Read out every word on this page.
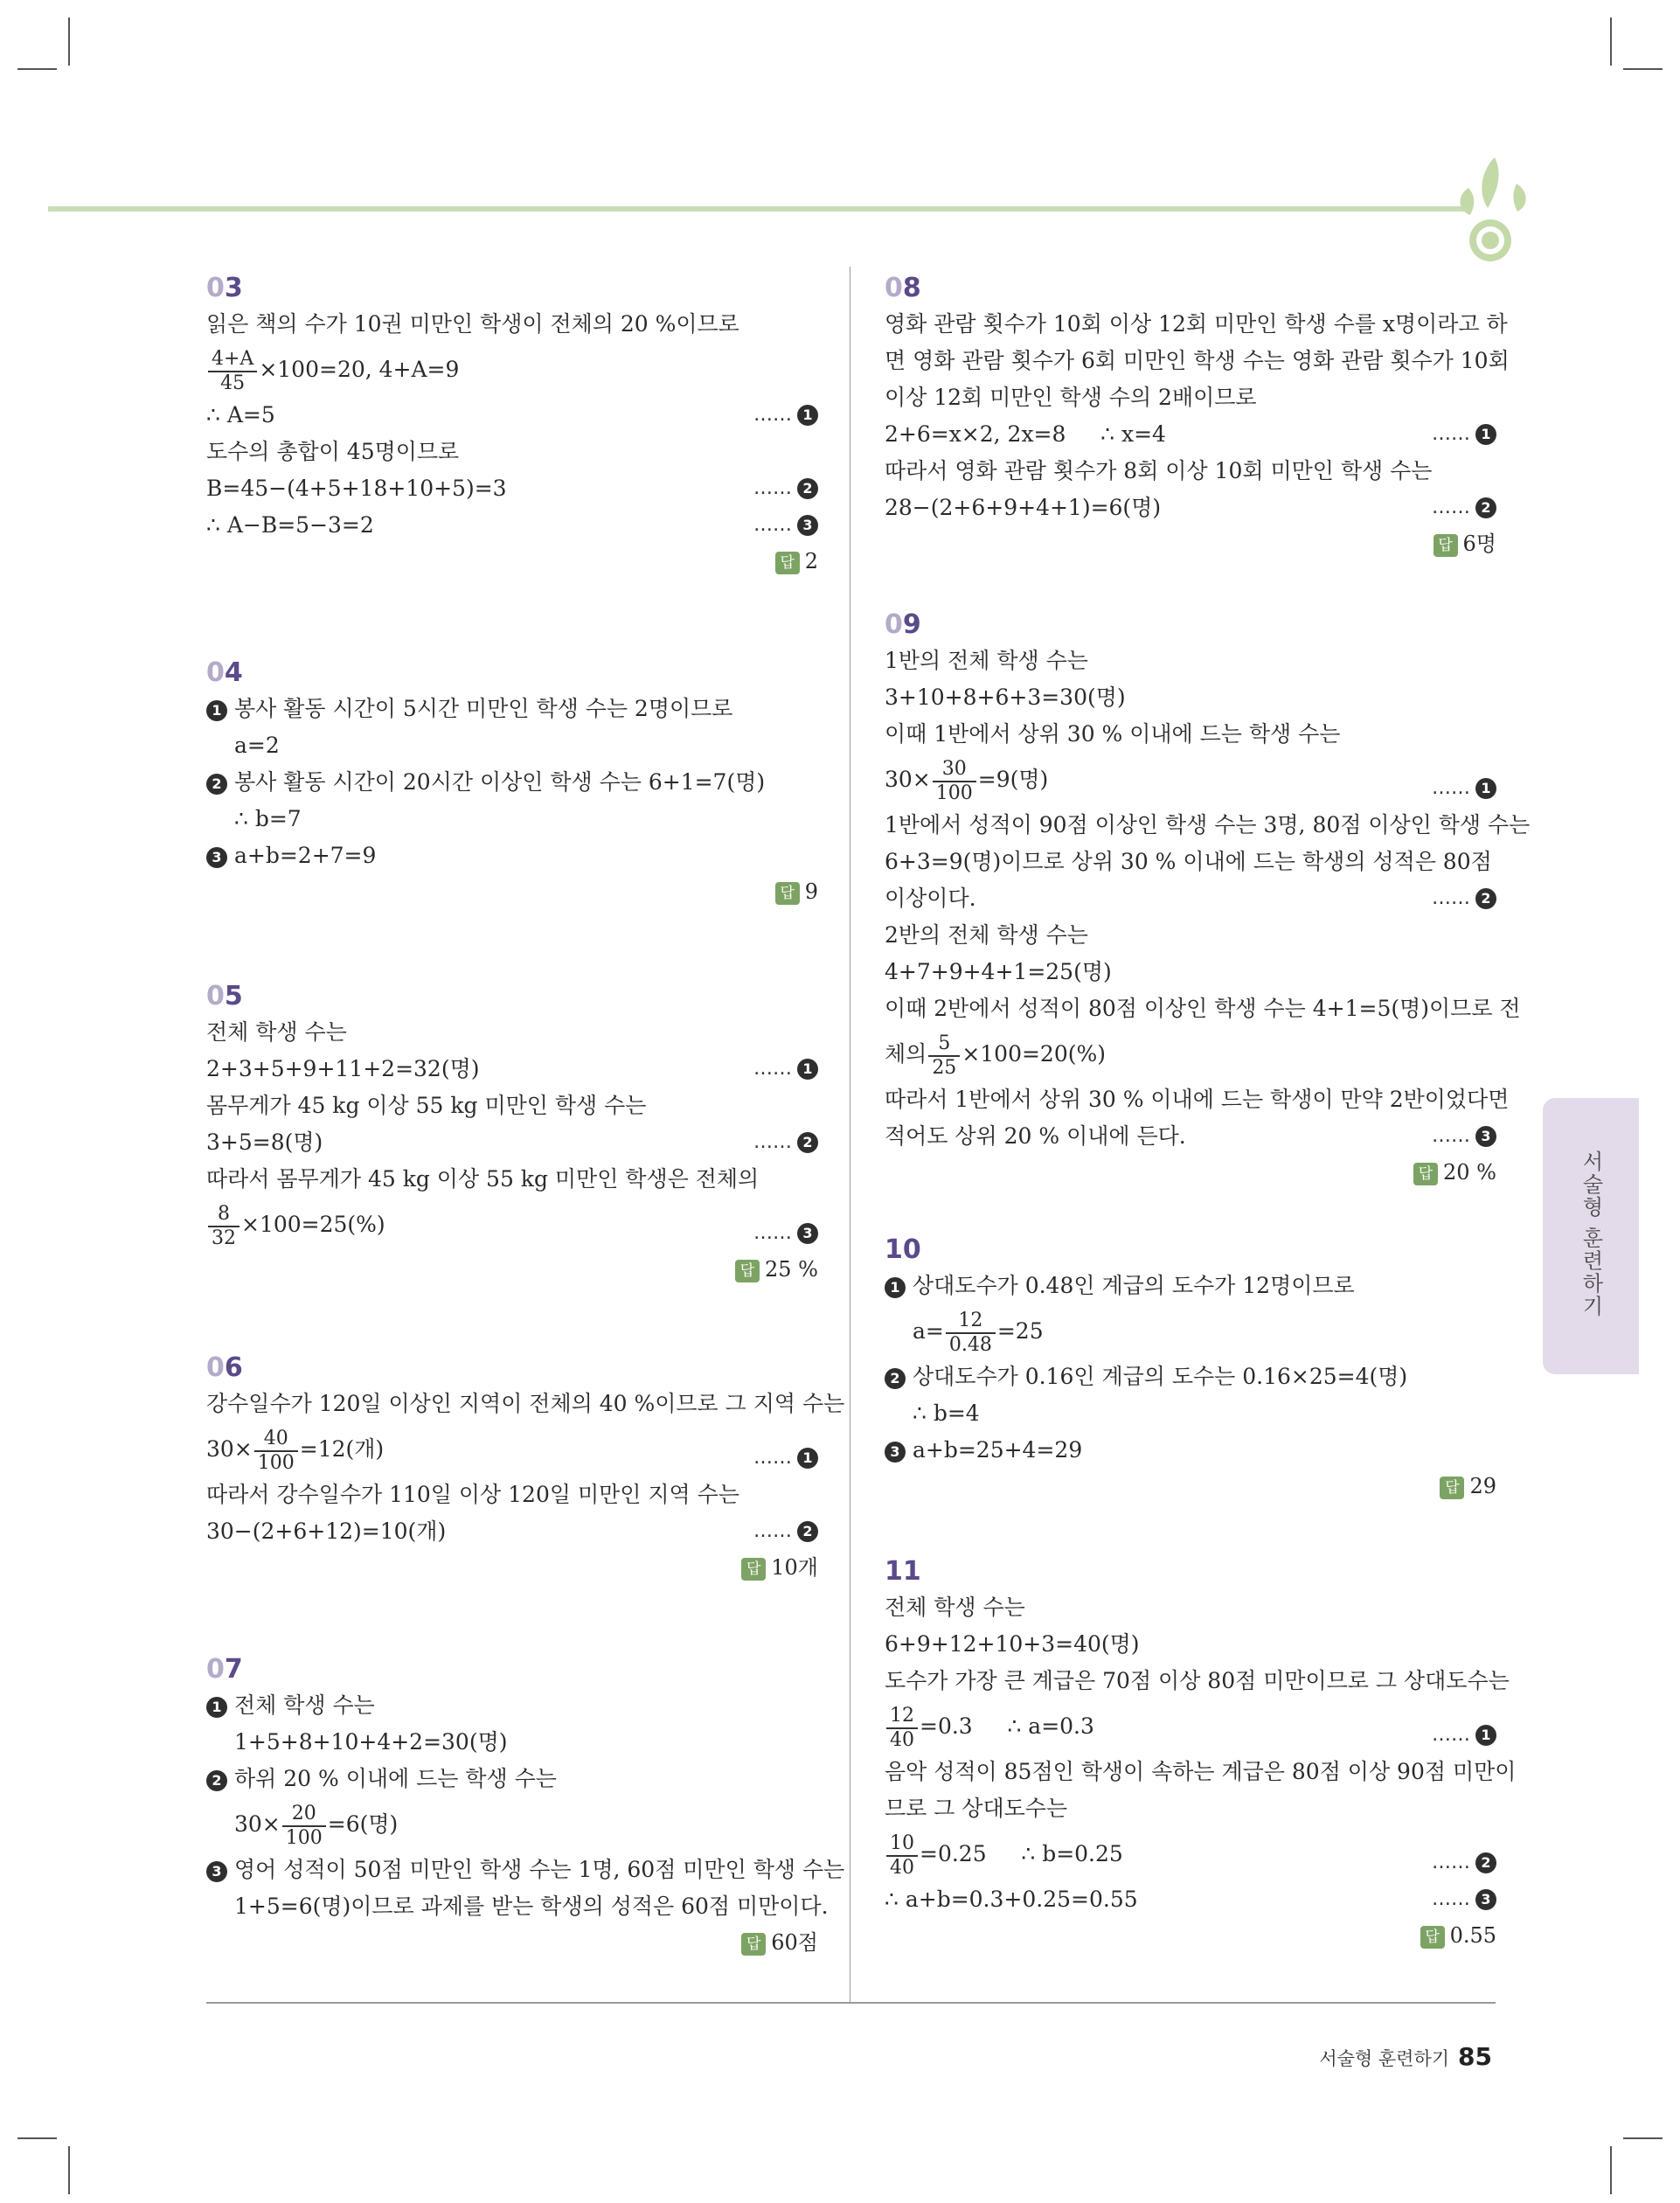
03
읽은 책의 수가 10권 미만인 학생이 전체의 20 %이므로
$\frac{4+A}{45} \times 100=20$, 4+A=9
∴ A=5	…… 1
도수의 총합이 45명이므로
B=45−(4+5+18+10+5)=3	…… 2
∴ A−B=5−3=2	…… 3
답 2
04
1 봉사 활동 시간이 5시간 미만인 학생 수는 2명이므로
a=2
2 봉사 활동 시간이 20시간 이상인 학생 수는 6+1=7(명)
∴ b=7
3 a+b=2+7=9
답 9
05
전체 학생 수는
2+3+5+9+11+2=32(명)	…… 1
몸무게가 45 kg 이상 55 kg 미만인 학생 수는
3+5=8(명)	…… 2
따라서 몸무게가 45 kg 이상 55 kg 미만인 학생은 전체의
$\frac{8}{32} \times 100=25(\%)$	…… 3
답 25 %
06
강수일수가 120일 이상인 지역이 전체의 40 %이므로 그 지역 수는
$30\times \frac{40}{100} =12$(개)	…… 1
따라서 강수일수가 110일 이상 120일 미만인 지역 수는
30−(2+6+12)=10(개)	…… 2
답 10개
07
1 전체 학생 수는
1+5+8+10+4+2=30(명)
2 하위 20 % 이내에 드는 학생 수는
$30\times \frac{20}{100} =6$(명)
3 영어 성적이 50점 미만인 학생 수는 1명, 60점 미만인 학생 수는
1+5=6(명)이므로 과제를 받는 학생의 성적은 60점 미만이다.
답 60점
08
영화 관람 횟수가 10회 이상 12회 미만인 학생 수를 x명이라고 하
면 영화 관람 횟수가 6회 미만인 학생 수는 영화 관람 횟수가 10회
이상 12회 미만인 학생 수의 2배이므로
2+6=x×2, 2x=8     ∴ x=4	…… 1
따라서 영화 관람 횟수가 8회 이상 10회 미만인 학생 수는
28−(2+6+9+4+1)=6(명)	…… 2
답 6명
09
1반의 전체 학생 수는
3+10+8+6+3=30(명)
이때 1반에서 상위 30 % 이내에 드는 학생 수는
$30\times \frac{30}{100} =9$(명)	…… 1
1반에서 성적이 90점 이상인 학생 수는 3명, 80점 이상인 학생 수는
6+3=9(명)이므로 상위 30 % 이내에 드는 학생의 성적은 80점
이상이다.	…… 2
2반의 전체 학생 수는
4+7+9+4+1=25(명)
이때 2반에서 성적이 80점 이상인 학생 수는 4+1=5(명)이므로 전
체의 $\frac{5}{25} \times 100=20(\%)$
따라서 1반에서 상위 30 % 이내에 드는 학생이 만약 2반이었다면
적어도 상위 20 % 이내에 든다.	…… 3
답 20 %
10
1 상대도수가 0.48인 계급의 도수가 12명이므로
$a= \frac{12}{0.48} =25$
2 상대도수가 0.16인 계급의 도수는 0.16×25=4(명)
∴ b=4
3 a+b=25+4=29
답 29
11
전체 학생 수는
6+9+12+10+3=40(명)
도수가 가장 큰 계급은 70점 이상 80점 미만이므로 그 상대도수는
$\frac{12}{40} =0.3$     ∴ a=0.3	…… 1
음악 성적이 85점인 학생이 속하는 계급은 80점 이상 90점 미만이
므로 그 상대도수는
$\frac{10}{40} =0.25$     ∴ b=0.25	…… 2
∴ a+b=0.3+0.25=0.55	…… 3
답 0.55
서술형 훈련하기
서술형 훈련하기 85
